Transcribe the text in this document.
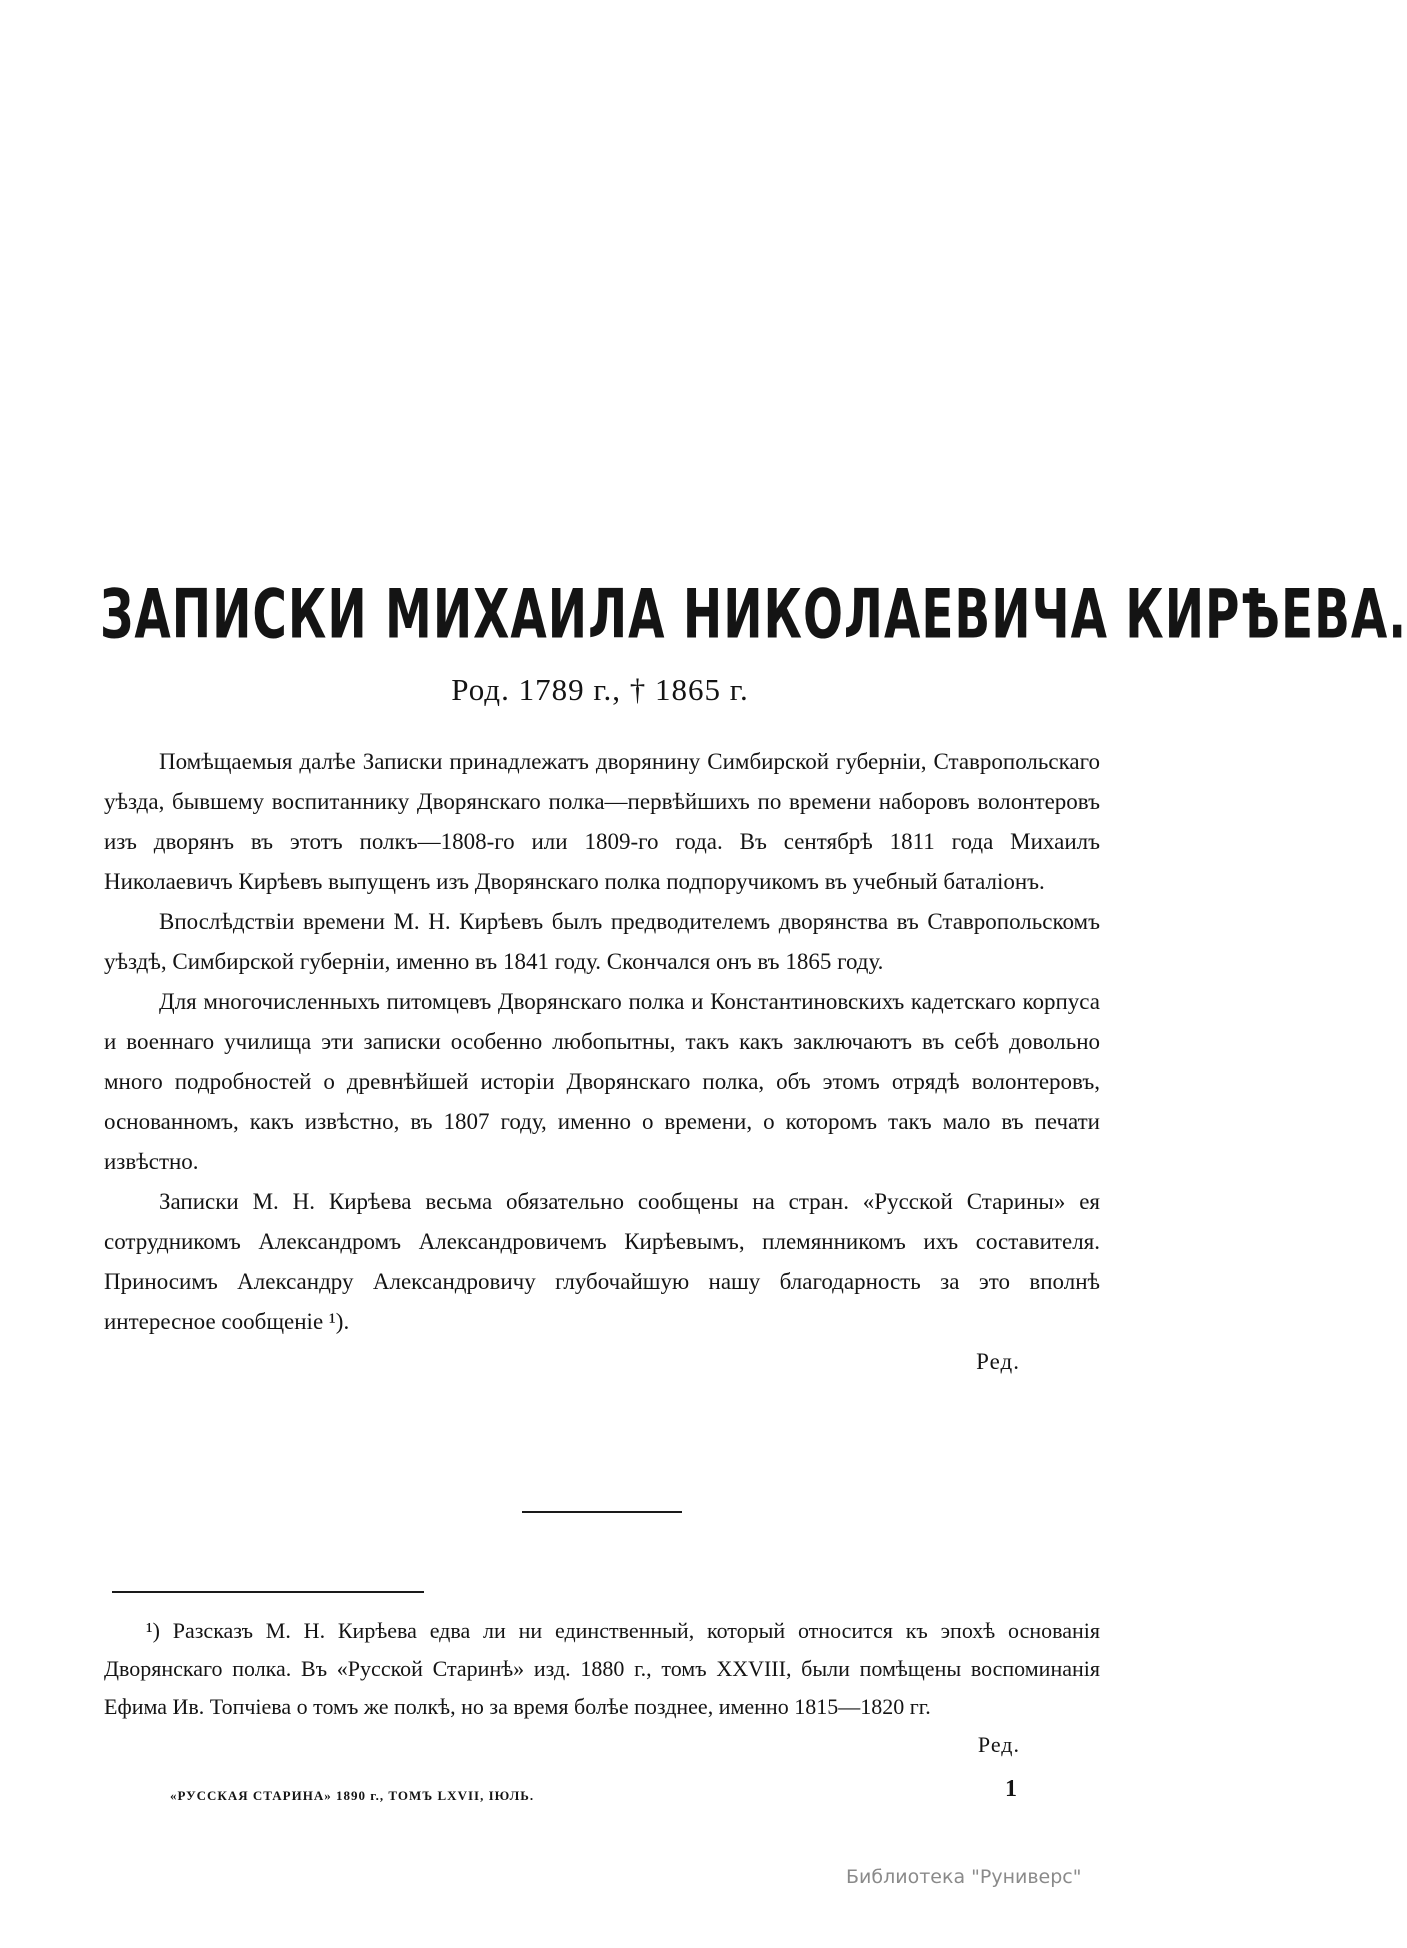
ЗАПИСКИ МИХАИЛА НИКОЛАЕВИЧА КИРѢЕВА.

Род. 1789 г., † 1865 г.

Помѣщаемыя далѣе Записки принадлежатъ дворянину Симбирской губерніи, Ставропольскаго уѣзда, бывшему воспитаннику Дворянскаго полка—первѣйшихъ по времени наборовъ волонтеровъ изъ дворянъ въ этотъ полкъ—1808-го или 1809-го года. Въ сентябрѣ 1811 года Михаилъ Николаевичъ Кирѣевъ выпущенъ изъ Дворянскаго полка подпоручикомъ въ учебный баталіонъ.

Впослѣдствіи времени М. Н. Кирѣевъ былъ предводителемъ дворянства въ Ставропольскомъ уѣздѣ, Симбирской губерніи, именно въ 1841 году. Скончался онъ въ 1865 году.

Для многочисленныхъ питомцевъ Дворянскаго полка и Константиновскихъ кадетскаго корпуса и военнаго училища эти записки особенно любопытны, такъ какъ заключаютъ въ себѣ довольно много подробностей о древнѣйшей исторіи Дворянскаго полка, объ этомъ отрядѣ волонтеровъ, основанномъ, какъ извѣстно, въ 1807 году, именно о времени, о которомъ такъ мало въ печати извѣстно.

Записки М. Н. Кирѣева весьма обязательно сообщены на стран. «Русской Старины» ея сотрудникомъ Александромъ Александровичемъ Кирѣевымъ, племянникомъ ихъ составителя. Приносимъ Александру Александровичу глубочайшую нашу благодарность за это вполнѣ интересное сообщеніе ¹).

Ред.

¹) Разсказъ М. Н. Кирѣева едва ли ни единственный, который относится къ эпохѣ основанія Дворянскаго полка. Въ «Русской Старинѣ» изд. 1880 г., томъ XXVIII, были помѣщены воспоминанія Ефима Ив. Топчіева о томъ же полкѣ, но за время болѣе позднее, именно 1815—1820 гг.

Ред.

«РУССКАЯ СТАРИНА» 1890 г., ТОМЪ LXVII, ІЮЛЬ.	1
Библиотека "Руниверс"
